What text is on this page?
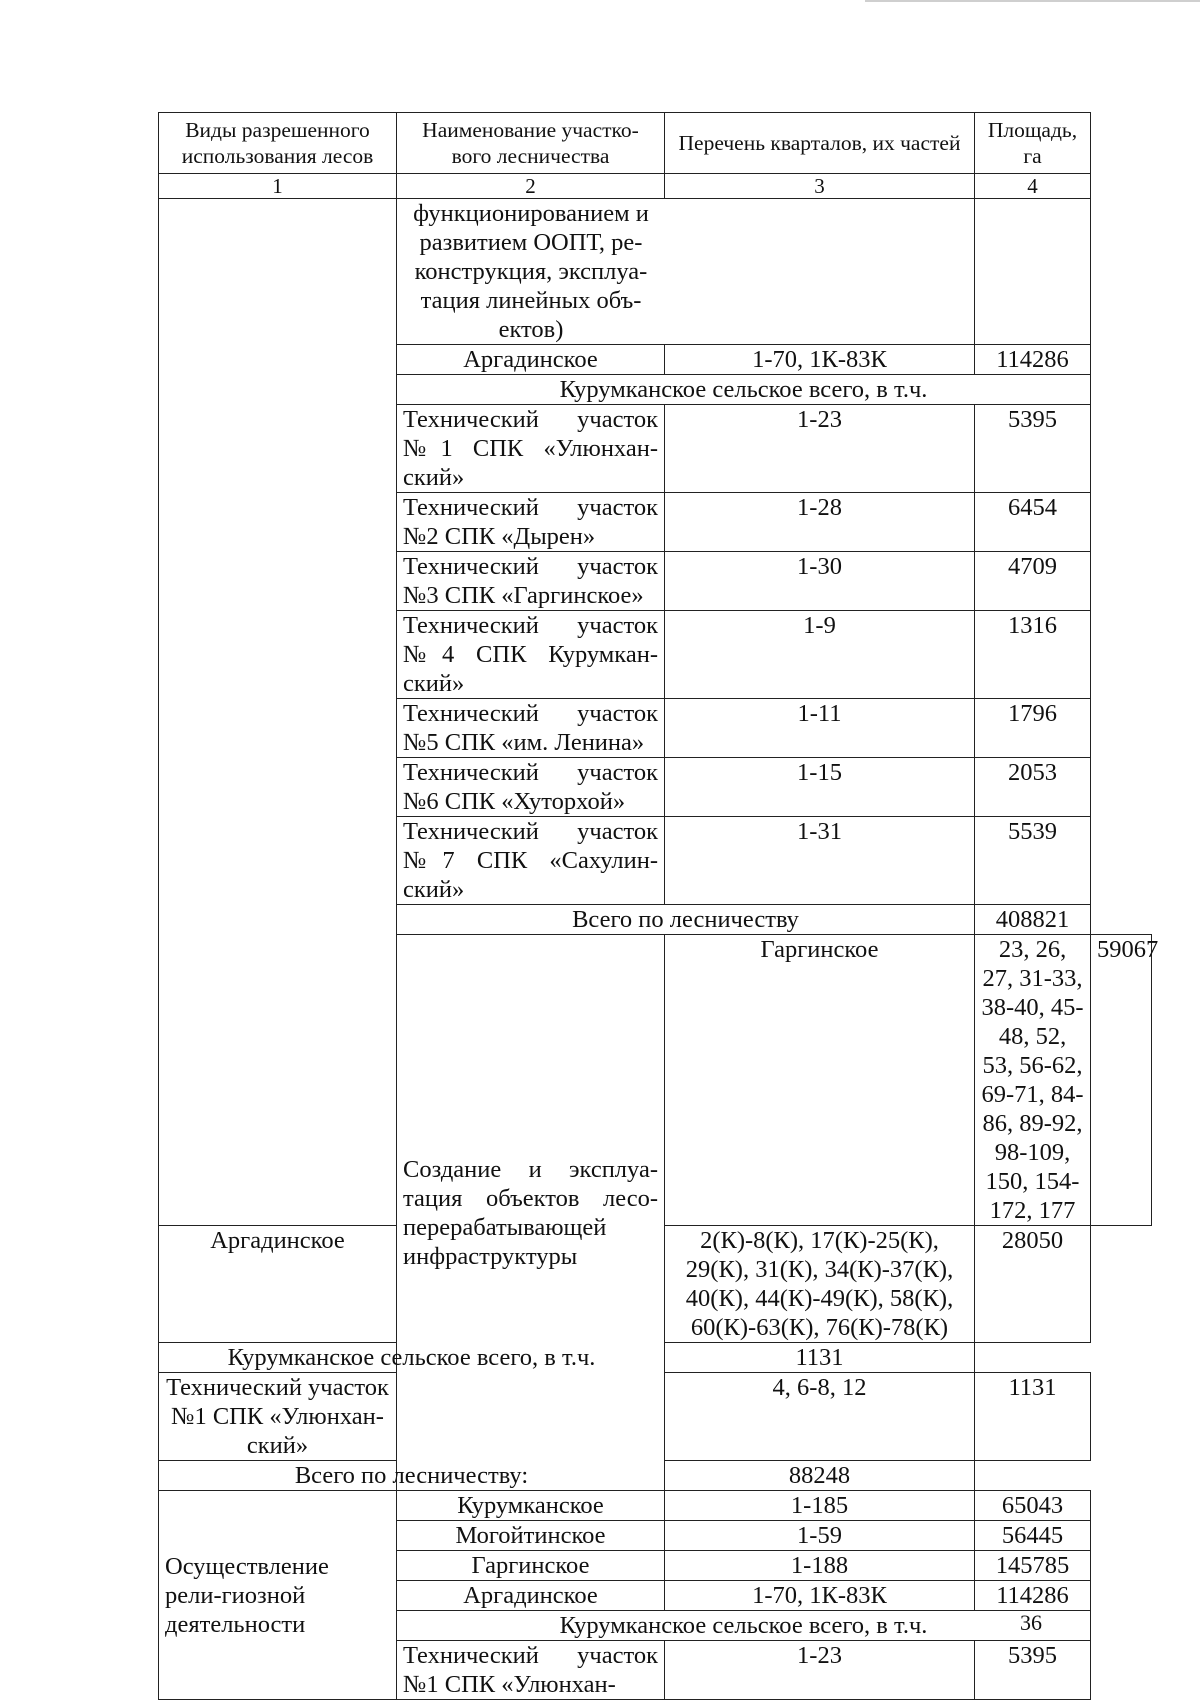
Виды разрешенного использования лесов	Наименование участко-вого лесничества	Перечень кварталов, их частей	Площадь, га	
1	2	3	4	

	функционированием и развитием ООПТ, ре-конструкция, эксплуа-тация линейных объ-ектов)			

	Аргадинское	1-70, 1К-83К	114286	
	Курумканское сельское всего, в т.ч.			
	Технический участок №1 СПК «Улюнхан-ский»	1-23	5395	
	Технический участок №2 СПК «Дырен»	1-28	6454	
	Технический участок №3 СПК «Гаргинское»	1-30	4709	
	Технический участок №4 СПК Курумкан-ский»	1-9	1316	
	Технический участок №5 СПК «им. Ленина»	1-11	1796	
	Технический участок №6 СПК «Хуторхой»	1-15	2053	
	Технический участок №7 СПК «Сахулин-ский»	1-31	5539	
	Всего по лесничеству		408821	
	Создание и эксплуа-тация объектов лесо-перерабатывающей инфраструктуры	Гаргинское	23, 26, 27, 31-33, 38-40, 45-48, 52, 53, 56-62, 69-71, 84-86, 89-92, 98-109, 150, 154-172, 177	59067
Аргадинское		2(К)-8(К), 17(К)-25(К), 29(К), 31(К), 34(К)-37(К), 40(К), 44(К)-49(К), 58(К), 60(К)-63(К), 76(К)-78(К)	28050	
Курумканское сельское всего, в т.ч.		1131		
Технический участок №1 СПК «Улюнхан-ский»		4, 6-8, 12	1131	
Всего по лесничеству:		88248		
Осуществление рели-гиозной деятельности	Курумканское	1-185	65043	
	Могойтинское	1-59	56445	
	Гаргинское	1-188	145785	
	Аргадинское	1-70, 1К-83К	114286	
	Курумканское сельское всего, в т.ч.			
	Технический участок №1 СПК «Улюнхан-	1-23	5395	
36
